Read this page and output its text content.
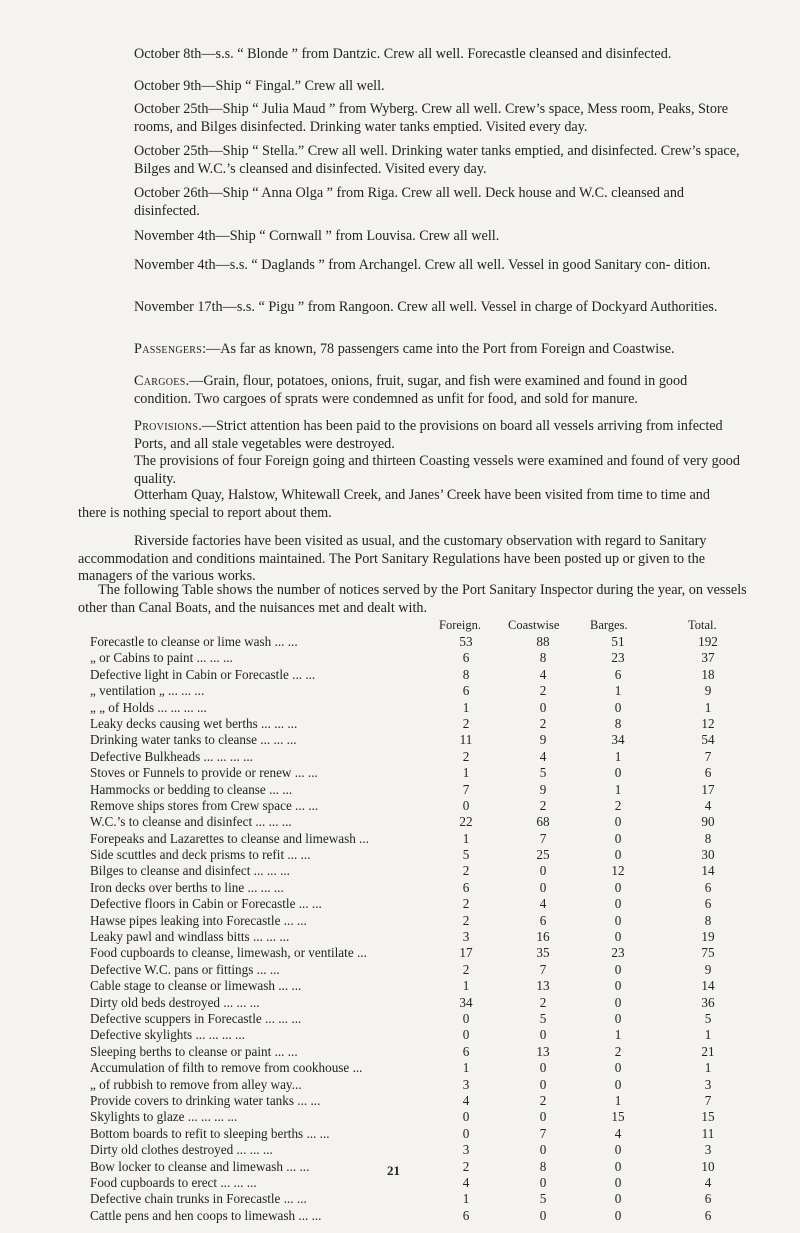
October 8th—s.s. “ Blonde ” from Dantzic. Crew all well. Forecastle cleansed and disinfected.

October 9th—Ship “ Fingal.” Crew all well.

October 25th—Ship “ Julia Maud ” from Wyberg. Crew all well. Crew’s space, Mess room, Peaks, Store rooms, and Bilges disinfected. Drinking water tanks emptied. Visited every day.

October 25th—Ship “ Stella.” Crew all well. Drinking water tanks emptied, and disinfected. Crew’s space, Bilges and W.C.’s cleansed and disinfected. Visited every day.

October 26th—Ship “ Anna Olga ” from Riga. Crew all well. Deck house and W.C. cleansed and disinfected.

November 4th—Ship “ Cornwall ” from Louvisa. Crew all well.

November 4th—s.s. “ Daglands ” from Archangel. Crew all well. Vessel in good Sanitary con- dition.

November 17th—s.s. “ Pigu ” from Rangoon. Crew all well. Vessel in charge of Dockyard Authorities.

Passengers:—As far as known, 78 passengers came into the Port from Foreign and Coastwise.

Cargoes.—Grain, flour, potatoes, onions, fruit, sugar, and fish were examined and found in good condition. Two cargoes of sprats were condemned as unfit for food, and sold for manure.

Provisions.—Strict attention has been paid to the provisions on board all vessels arriving from infected Ports, and all stale vegetables were destroyed.
The provisions of four Foreign going and thirteen Coasting vessels were examined and found of very good quality.

Otterham Quay, Halstow, Whitewall Creek, and Janes’ Creek have been visited from time to time and there is nothing special to report about them.

Riverside factories have been visited as usual, and the customary observation with regard to Sanitary accommodation and conditions maintained. The Port Sanitary Regulations have been posted up or given to the managers of the various works.

The following Table shows the number of notices served by the Port Sanitary Inspector during the year, on vessels other than Canal Boats, and the nuisances met and dealt with.

Foreign. Coastwise Barges.	Total.
Forecastle to cleanse or lime wash ... ...	53	88	51	192
„ or Cabins to paint ... ... ...	6	8	23	37
Defective light in Cabin or Forecastle ... ...	8	4	6	18
„ ventilation „ ... ... ...	6	2	1	9
„ „ of Holds ... ... ... ...	1	0	0	1
Leaky decks causing wet berths ... ... ...	2	2	8	12
Drinking water tanks to cleanse ... ... ...	11	9	34	54
Defective Bulkheads ... ... ... ...	2	4	1	7
Stoves or Funnels to provide or renew ... ...	1	5	0	6
Hammocks or bedding to cleanse ... ...	7	9	1	17
Remove ships stores from Crew space ... ...	0	2	2	4
W.C.’s to cleanse and disinfect ... ... ...	22	68	0	90
Forepeaks and Lazarettes to cleanse and limewash ...	1	7	0	8
Side scuttles and deck prisms to refit ... ...	5	25	0	30
Bilges to cleanse and disinfect ... ... ...	2	0	12	14
Iron decks over berths to line ... ... ...	6	0	0	6
Defective floors in Cabin or Forecastle ... ...	2	4	0	6
Hawse pipes leaking into Forecastle ... ...	2	6	0	8
Leaky pawl and windlass bitts ... ... ...	3	16	0	19
Food cupboards to cleanse, limewash, or ventilate ...	17	35	23	75
Defective W.C. pans or fittings ... ...	2	7	0	9
Cable stage to cleanse or limewash ... ...	1	13	0	14
Dirty old beds destroyed ... ... ...	34	2	0	36
Defective scuppers in Forecastle ... ... ...	0	5	0	5
Defective skylights ... ... ... ...	0	0	1	1
Sleeping berths to cleanse or paint ... ...	6	13	2	21
Accumulation of filth to remove from cookhouse ...	1	0	0	1
„ of rubbish to remove from alley way...	3	0	0	3
Provide covers to drinking water tanks ... ...	4	2	1	7
Skylights to glaze ... ... ... ...	0	0	15	15
Bottom boards to refit to sleeping berths ... ...	0	7	4	11
Dirty old clothes destroyed ... ... ...	3	0	0	3
Bow locker to cleanse and limewash ... ...	2	8	0	10
Food cupboards to erect ... ... ...	4	0	0	4
Defective chain trunks in Forecastle ... ...	1	5	0	6
Cattle pens and hen coops to limewash ... ...	6	0	0	6
21
